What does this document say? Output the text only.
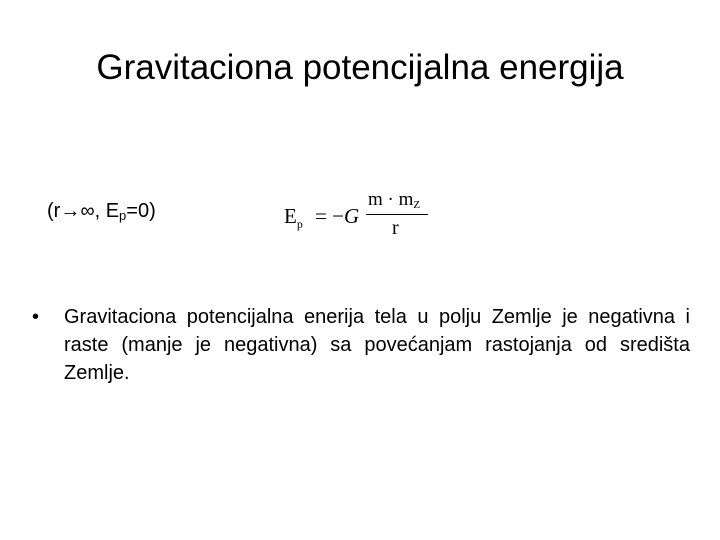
Gravitaciona potencijalna energija
(r→∞, $E_p=0$)	$E_p = -G$
$m \cdot m_Z$
r
• Gravitaciona potencijalna enerija tela u polju Zemlje je negativna i raste (manje je negativna) sa povećanjam rastojanja od središta Zemlje.
